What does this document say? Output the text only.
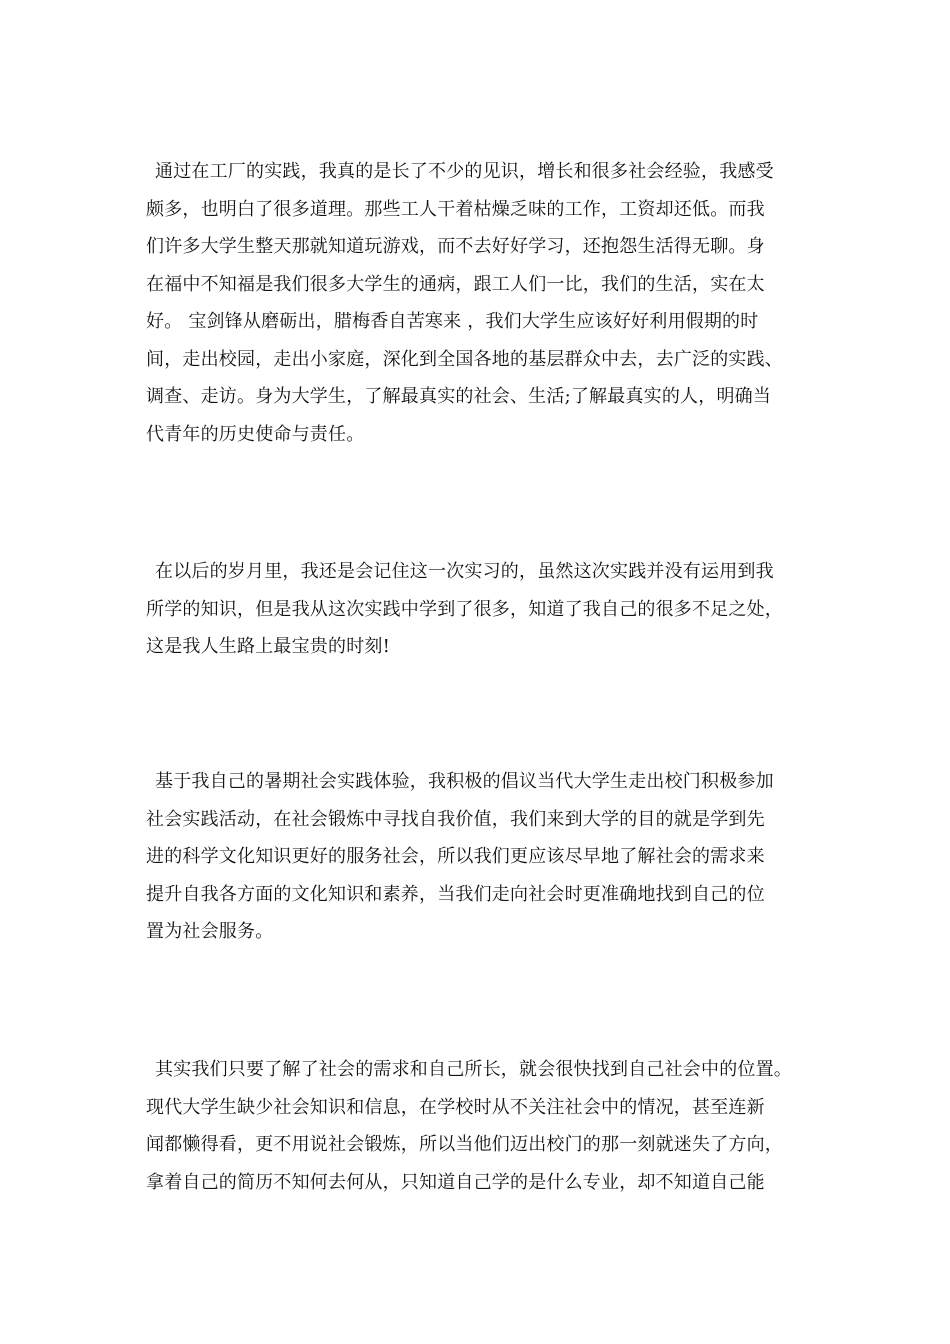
通过在工厂的实践，我真的是长了不少的见识，增长和很多社会经验，我感受
颇多，也明白了很多道理。那些工人干着枯燥乏味的工作，工资却还低。而我
们许多大学生整天那就知道玩游戏，而不去好好学习，还抱怨生活得无聊。身
在福中不知福是我们很多大学生的通病，跟工人们一比，我们的生活，实在太
好。 宝剑锋从磨砺出，腊梅香自苦寒来 ，我们大学生应该好好利用假期的时
间，走出校园，走出小家庭，深化到全国各地的基层群众中去，去广泛的实践、
调查、走访。身为大学生，了解最真实的社会、生活;了解最真实的人，明确当
代青年的历史使命与责任。
在以后的岁月里，我还是会记住这一次实习的，虽然这次实践并没有运用到我
所学的知识，但是我从这次实践中学到了很多，知道了我自己的很多不足之处，
这是我人生路上最宝贵的时刻!
基于我自己的暑期社会实践体验，我积极的倡议当代大学生走出校门积极参加
社会实践活动，在社会锻炼中寻找自我价值，我们来到大学的目的就是学到先
进的科学文化知识更好的服务社会，所以我们更应该尽早地了解社会的需求来
提升自我各方面的文化知识和素养，当我们走向社会时更准确地找到自己的位
置为社会服务。
其实我们只要了解了社会的需求和自己所长，就会很快找到自己社会中的位置。
现代大学生缺少社会知识和信息，在学校时从不关注社会中的情况，甚至连新
闻都懒得看，更不用说社会锻炼，所以当他们迈出校门的那一刻就迷失了方向，
拿着自己的简历不知何去何从，只知道自己学的是什么专业，却不知道自己能
